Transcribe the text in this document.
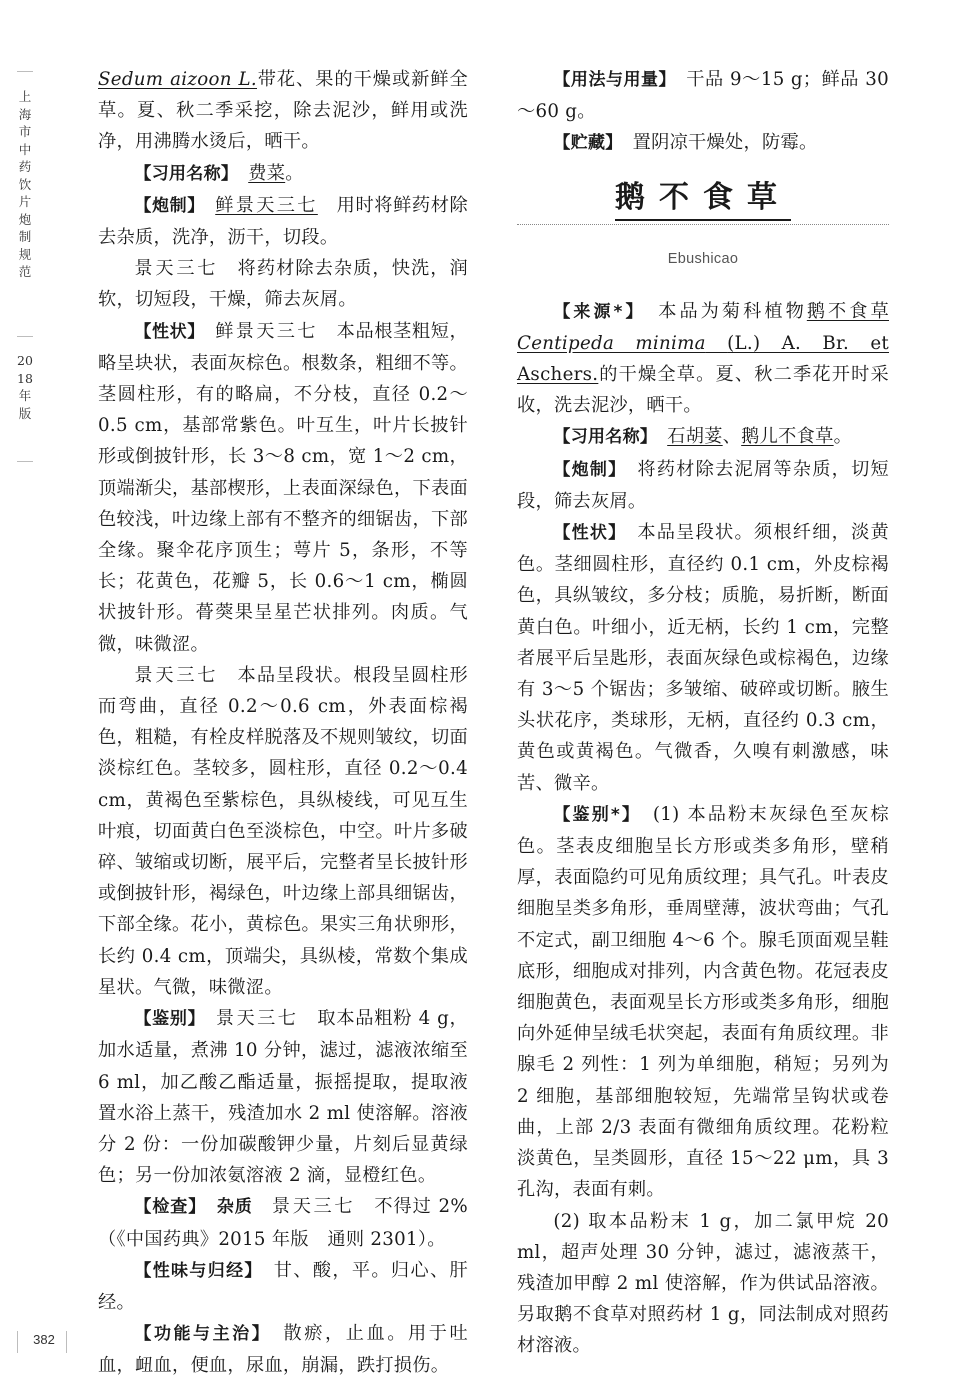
上海市中药饮片炮制规范
2018年版

Sedum aizoon L.带花、果的干燥或新鲜全草。夏、秋二季采挖，除去泥沙，鲜用或洗净，用沸腾水烫后，晒干。

【习用名称】　 费菜。

【炮制】　 鲜景天三七　 用时将鲜药材除去杂质，洗净，沥干，切段。

景天三七　 将药材除去杂质，快洗，润软，切短段，干燥，筛去灰屑。

【性状】　 鲜景天三七　 本品根茎粗短，略呈块状，表面灰棕色。根数条，粗细不等。茎圆柱形，有的略扁，不分枝，直径 0.2～0.5 cm，基部常紫色。叶互生，叶片长披针形或倒披针形，长 3～8 cm，宽 1～2 cm，顶端渐尖，基部楔形，上表面深绿色，下表面色较浅，叶边缘上部有不整齐的细锯齿，下部全缘。聚伞花序顶生；萼片 5，条形，不等长；花黄色，花瓣 5，长 0.6～1 cm，椭圆状披针形。蓇葖果呈星芒状排列。肉质。气微，味微涩。

景天三七　 本品呈段状。根段呈圆柱形而弯曲，直径 0.2～0.6 cm，外表面棕褐色，粗糙，有栓皮样脱落及不规则皱纹，切面淡棕红色。茎较多，圆柱形，直径 0.2～0.4 cm，黄褐色至紫棕色，具纵棱线，可见互生叶痕，切面黄白色至淡棕色，中空。叶片多破碎、皱缩或切断，展平后，完整者呈长披针形或倒披针形，褐绿色，叶边缘上部具细锯齿，下部全缘。花小，黄棕色。果实三角状卵形，长约 0.4 cm，顶端尖，具纵棱，常数个集成星状。气微，味微涩。

【鉴别】　 景天三七　 取本品粗粉 4 g，加水适量，煮沸 10 分钟，滤过，滤液浓缩至 6 ml，加乙酸乙酯适量，振摇提取，提取液置水浴上蒸干，残渣加水 2 ml 使溶解。溶液分 2 份：一份加碳酸钾少量，片刻后显黄绿色；另一份加浓氨溶液 2 滴，显橙红色。

【检查】　 杂质　 景天三七　 不得过 2%（《中国药典》2015 年版　通则 2301）。

【性味与归经】　 甘、酸，平。归心、肝经。

【功能与主治】　 散瘀，止血。用于吐血，衄血，便血，尿血，崩漏，跌打损伤。

【用法与用量】　 干品 9～15 g；鲜品 30～60 g。

【贮藏】　 置阴凉干燥处，防霉。

鹅不食草
Ebushicao

【来源*】　 本品为菊科植物鹅不食草Centipeda minima (L.) A. Br. et Aschers.的干燥全草。夏、秋二季花开时采收，洗去泥沙，晒干。

【习用名称】　 石胡荽、鹅儿不食草。

【炮制】　 将药材除去泥屑等杂质，切短段，筛去灰屑。

【性状】　 本品呈段状。须根纤细，淡黄色。茎细圆柱形，直径约 0.1 cm，外皮棕褐色，具纵皱纹，多分枝；质脆，易折断，断面黄白色。叶细小，近无柄，长约 1 cm，完整者展平后呈匙形，表面灰绿色或棕褐色，边缘有 3～5 个锯齿；多皱缩、破碎或切断。腋生头状花序，类球形，无柄，直径约 0.3 cm，黄色或黄褐色。气微香，久嗅有刺激感，味苦、微辛。

【鉴别*】　 (1) 本品粉末灰绿色至灰棕色。茎表皮细胞呈长方形或类多角形，壁稍厚，表面隐约可见角质纹理；具气孔。叶表皮细胞呈类多角形，垂周壁薄，波状弯曲；气孔不定式，副卫细胞 4～6 个。腺毛顶面观呈鞋底形，细胞成对排列，内含黄色物。花冠表皮细胞黄色，表面观呈长方形或类多角形，细胞向外延伸呈绒毛状突起，表面有角质纹理。非腺毛 2 列性：1 列为单细胞，稍短；另列为 2 细胞，基部细胞较短，先端常呈钩状或卷曲，上部 2/3 表面有微细角质纹理。花粉粒淡黄色，呈类圆形，直径 15～22 μm，具 3 孔沟，表面有刺。

(2) 取本品粉末 1 g，加二氯甲烷 20 ml，超声处理 30 分钟，滤过，滤液蒸干，残渣加甲醇 2 ml 使溶解，作为供试品溶液。另取鹅不食草对照药材 1 g，同法制成对照药材溶液。

382
